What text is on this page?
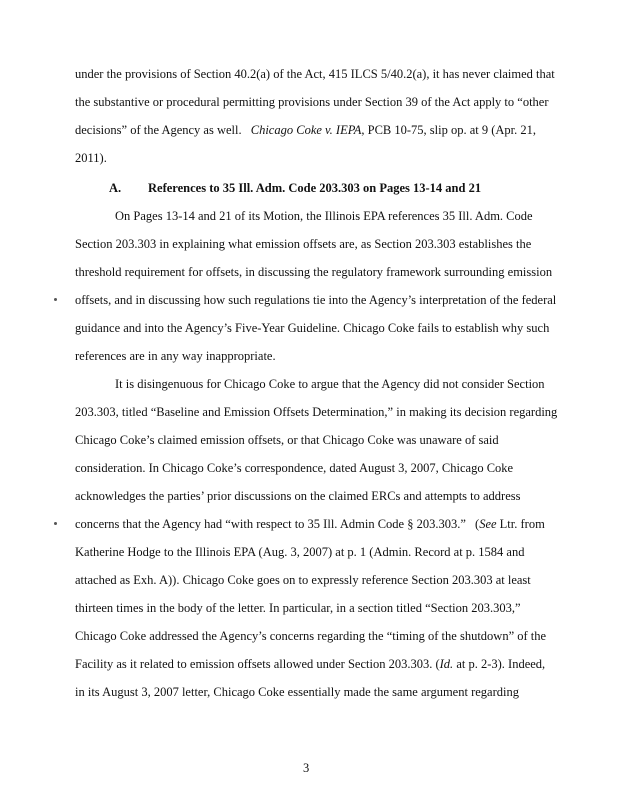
under the provisions of Section 40.2(a) of the Act, 415 ILCS 5/40.2(a), it has never claimed that
the substantive or procedural permitting provisions under Section 39 of the Act apply to “other
decisions” of the Agency as well. Chicago Coke v. IEPA, PCB 10-75, slip op. at 9 (Apr. 21,
2011).
A. References to 35 Ill. Adm. Code 203.303 on Pages 13-14 and 21
On Pages 13-14 and 21 of its Motion, the Illinois EPA references 35 Ill. Adm. Code
Section 203.303 in explaining what emission offsets are, as Section 203.303 establishes the
threshold requirement for offsets, in discussing the regulatory framework surrounding emission
offsets, and in discussing how such regulations tie into the Agency’s interpretation of the federal
guidance and into the Agency’s Five-Year Guideline. Chicago Coke fails to establish why such
references are in any way inappropriate.
It is disingenuous for Chicago Coke to argue that the Agency did not consider Section
203.303, titled “Baseline and Emission Offsets Determination,” in making its decision regarding
Chicago Coke’s claimed emission offsets, or that Chicago Coke was unaware of said
consideration. In Chicago Coke’s correspondence, dated August 3, 2007, Chicago Coke
acknowledges the parties’ prior discussions on the claimed ERCs and attempts to address
concerns that the Agency had “with respect to 35 Ill. Admin Code § 203.303.” (See Ltr. from
Katherine Hodge to the Illinois EPA (Aug. 3, 2007) at p. 1 (Admin. Record at p. 1584 and
attached as Exh. A)). Chicago Coke goes on to expressly reference Section 203.303 at least
thirteen times in the body of the letter. In particular, in a section titled “Section 203.303,”
Chicago Coke addressed the Agency’s concerns regarding the “timing of the shutdown” of the
Facility as it related to emission offsets allowed under Section 203.303. (Id. at p. 2-3). Indeed,
in its August 3, 2007 letter, Chicago Coke essentially made the same argument regarding
3
